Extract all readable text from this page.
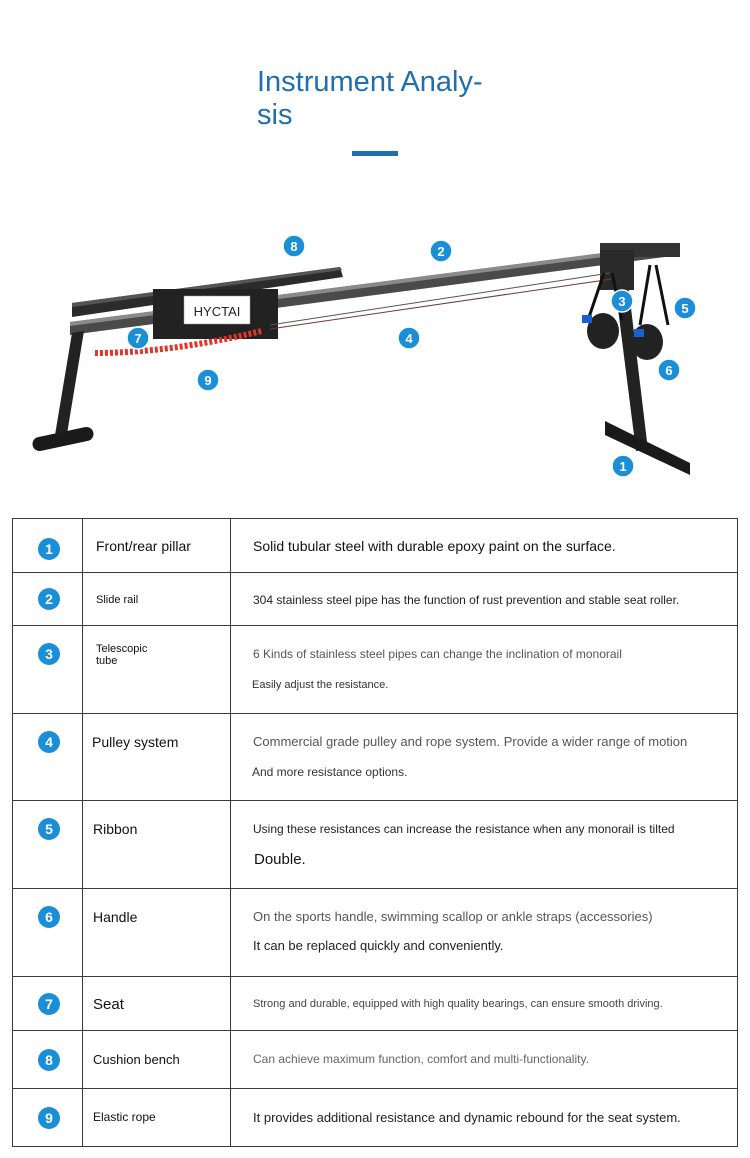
Instrument Analy-
sis
HYCTAI
8	2
3	5
7	4
6
9
1
1	Front/rear pillar	Solid tubular steel with durable epoxy paint on the surface.

2	Slide rail	304 stainless steel pipe has the function of rust prevention and stable seat roller.

3	Telescopic tube	6 Kinds of stainless steel pipes can change the inclination of monorail
Easily adjust the resistance.

4	Pulley system	Commercial grade pulley and rope system. Provide a wider range of motion
And more resistance options.

5	Ribbon	Using these resistances can increase the resistance when any monorail is tilted
Double.

6	Handle	On the sports handle, swimming scallop or ankle straps (accessories)
It can be replaced quickly and conveniently.

7	Seat	Strong and durable, equipped with high quality bearings, can ensure smooth driving.

8	Cushion bench	Can achieve maximum function, comfort and multi-functionality.

9	Elastic rope	It provides additional resistance and dynamic rebound for the seat system.
